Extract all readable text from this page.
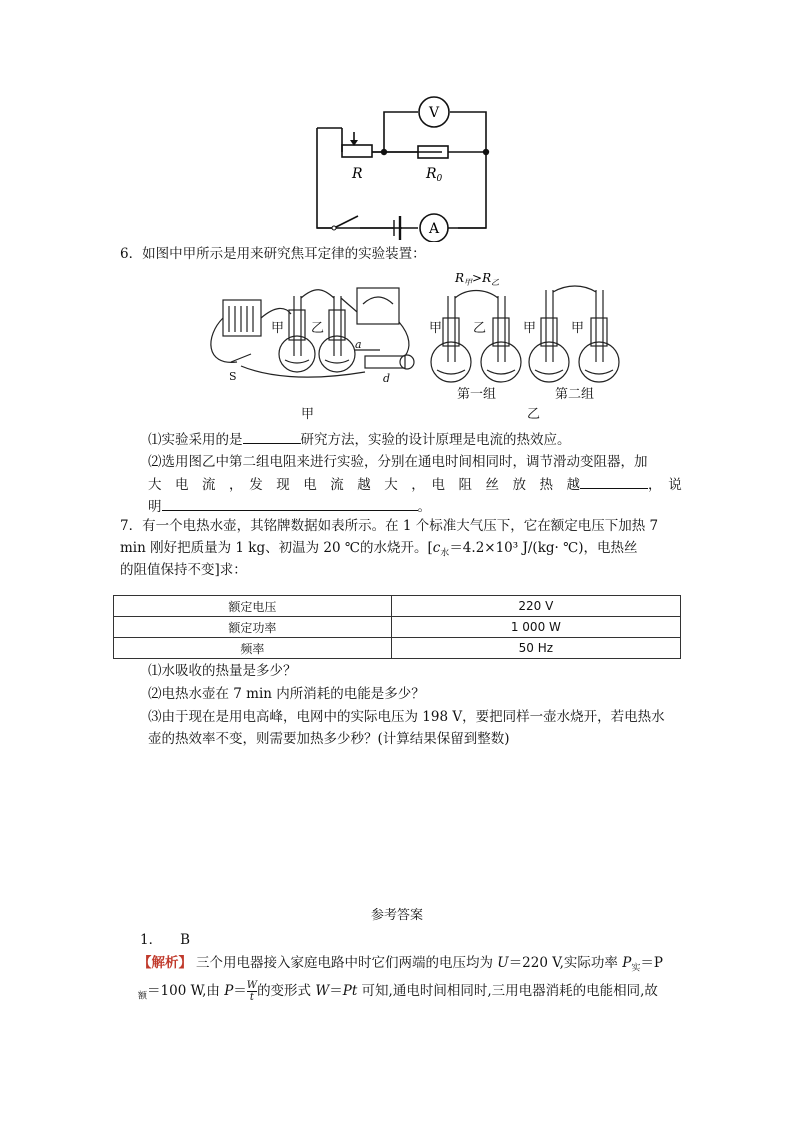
V
A
R	$R_0$
6．如图中甲所示是用来研究焦耳定律的实验装置：
甲 乙
S
a
d
甲 乙	甲	甲
第一组	第二组
甲	乙
$R_甲>R_乙$
⑴实验采用的是	研究方法，实验的设计原理是电流的热效应。
⑵选用图乙中第二组电阻来进行实验，分别在通电时间相同时，调节滑动变阻器，加
大　电　流　，　发　现　电　流　越　大　，　电　阻　丝　放　热　越	，　说
明	。
7．有一个电热水壶，其铭牌数据如表所示。在 1 个标准大气压下，它在额定电压下加热 7
min 刚好把质量为 1 kg、初温为 20 ℃的水烧开。[$c_水=4.2\times 10^3$ J/(kg· ℃)，电热丝
的阻值保持不变]求：
额定电压	220 V
额定功率	1 000 W
频率	50 Hz
⑴水吸收的热量是多少？
⑵电热水壶在 7 min 内所消耗的电能是多少？
⑶由于现在是用电高峰，电网中的实际电压为 198 V，要把同样一壶水烧开，若电热水
壶的热效率不变，则需要加热多少秒？(计算结果保留到整数)
参考答案
1． B
【解析】 三个用电器接入家庭电路中时它们两端的电压均为 U＝220 V,实际功率 $P_实=P$
$_额$＝100 W,由 $P= \frac{W}{t}$ 的变形式 W＝Pt 可知,通电时间相同时,三用电器消耗的电能相同,故
